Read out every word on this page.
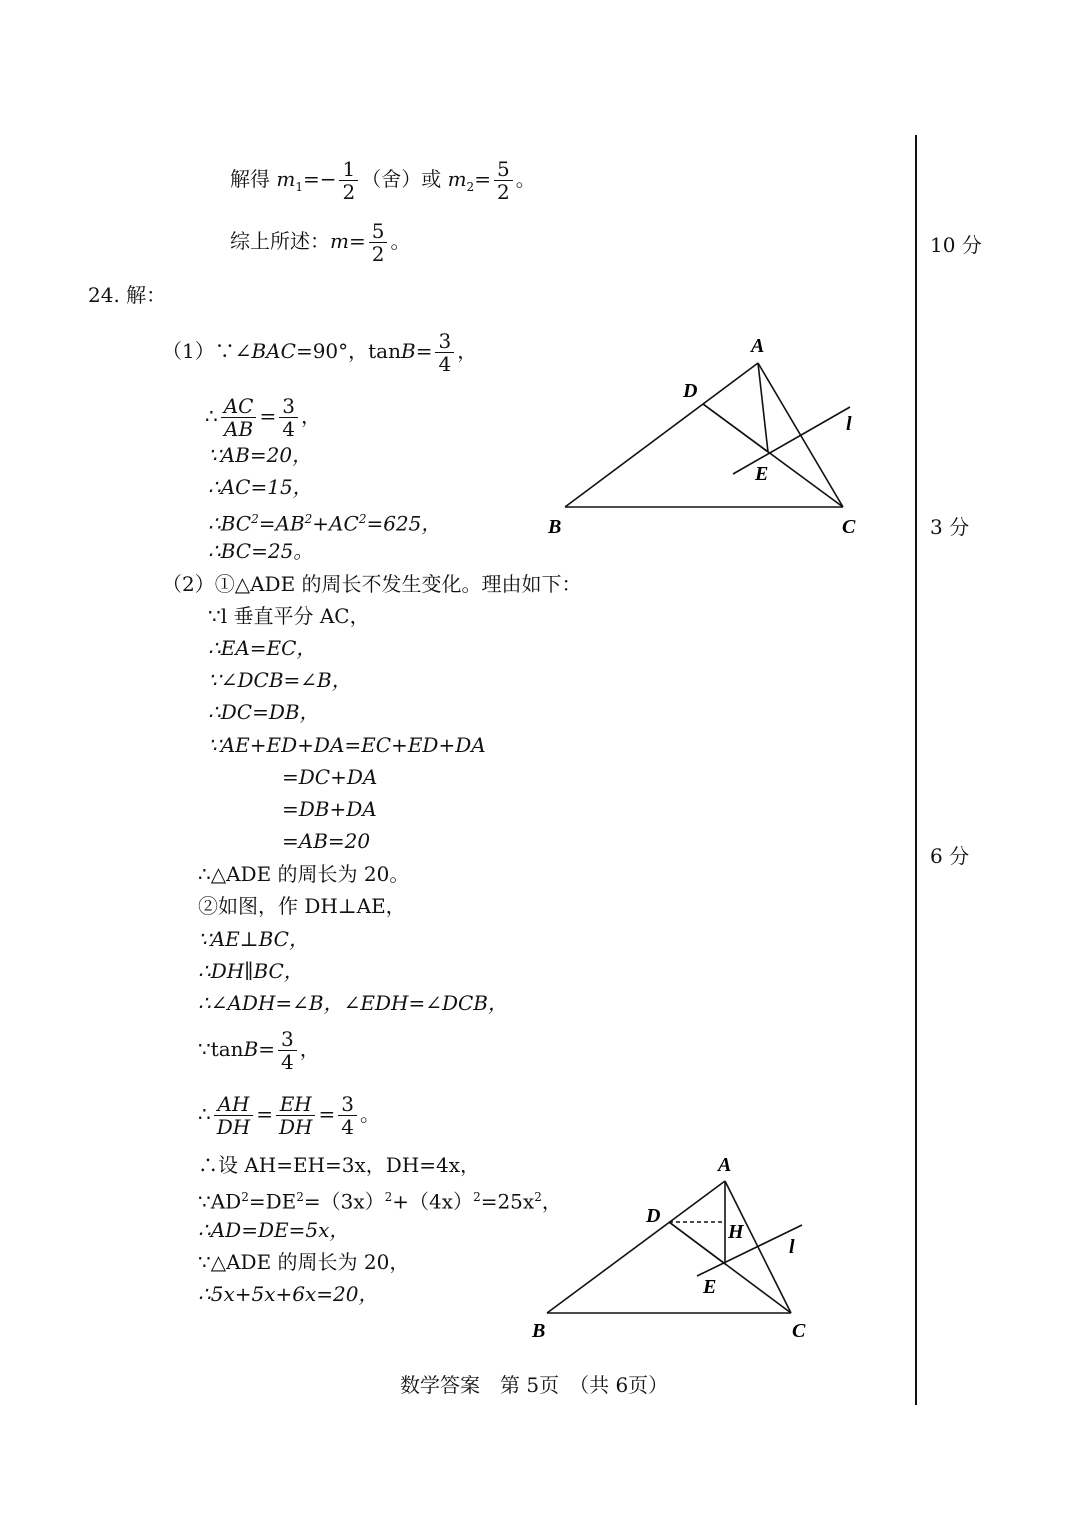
解得 $m_1=- \frac{1}{2}$ （舍）或 $m_2= \frac{5}{2}$ 。
综上所述：$m= \frac{5}{2}$ 。
24. 解：
（1）∵∠BAC=90°，$\tan B= \frac{3}{4}$ ，
∴ $\frac{AC}{AB} = \frac{3}{4}$ ，
∵AB=20，
∴AC=15，
$\therefore BC^2=AB^2+AC^2=625$，
∴BC=25。
（2）①△ADE 的周长不发生变化。理由如下：
∵l 垂直平分 AC，
∴EA=EC，
∵∠DCB=∠B，
∴DC=DB，
∵AE+ED+DA=EC+ED+DA
=DC+DA
=DB+DA
=AB=20
∴△ADE 的周长为 20。
②如图，作 DH⊥AE，
∵AE⊥BC，
∴DH∥BC，
∴∠ADH=∠B，∠EDH=∠DCB，
∵tanB= $\frac{3}{4}$ ，
∴ $\frac{AH}{DH} = \frac{EH}{DH} = \frac{3}{4}$ 。
∴设 AH=EH=3x，DH=4x，
$\because AD^2=DE^2=(3x)^2+(4x)^2=25x^2$，
∴AD=DE=5x，
∵△ADE 的周长为 20，
∴5x+5x+6x=20，
10 分
3 分
6 分
A
B	C
D
E
l
A
B	C
D
E
H
l
数学答案　第 5页　（共 6页）
